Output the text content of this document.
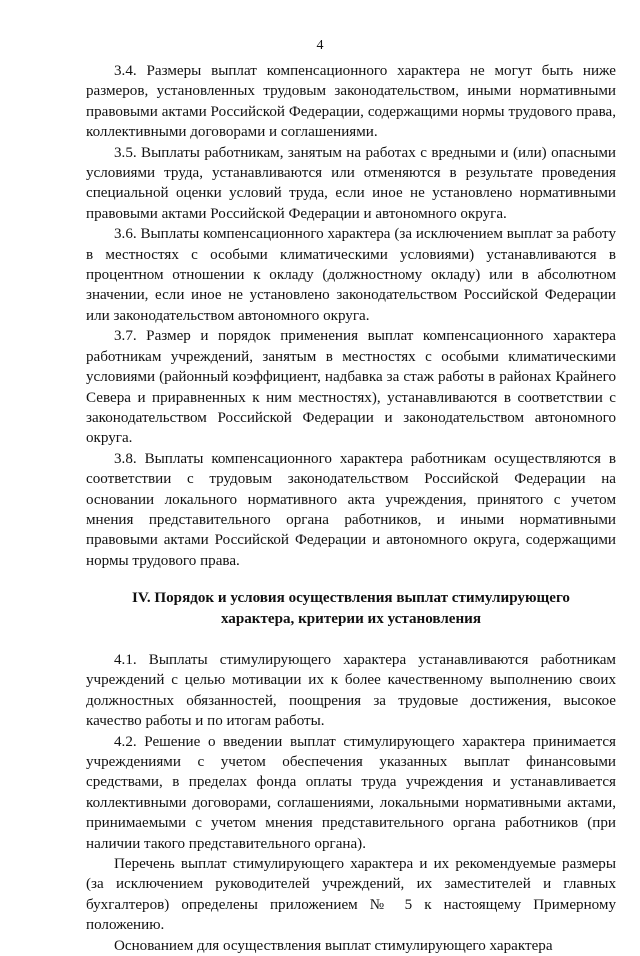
4

3.4. Размеры выплат компенсационного характера не могут быть ниже размеров, установленных трудовым законодательством, иными нормативными правовыми актами Российской Федерации, содержащими нормы трудового права, коллективными договорами и соглашениями.

3.5. Выплаты работникам, занятым на работах с вредными и (или) опасными условиями труда, устанавливаются или отменяются в результате проведения специальной оценки условий труда, если иное не установлено нормативными правовыми актами Российской Федерации и автономного округа.

3.6. Выплаты компенсационного характера (за исключением выплат за работу в местностях с особыми климатическими условиями) устанавливаются в процентном отношении к окладу (должностному окладу) или в абсолютном значении, если иное не установлено законодательством Российской Федерации или законодательством автономного округа.

3.7. Размер и порядок применения выплат компенсационного характера работникам учреждений, занятым в местностях с особыми климатическими условиями (районный коэффициент, надбавка за стаж работы в районах Крайнего Севера и приравненных к ним местностях), устанавливаются в соответствии с законодательством Российской Федерации и законодательством автономного округа.

3.8. Выплаты компенсационного характера работникам осуществляются в соответствии с трудовым законодательством Российской Федерации на основании локального нормативного акта учреждения, принятого с учетом мнения представительного органа работников, и иными нормативными правовыми актами Российской Федерации и автономного округа, содержащими нормы трудового права.

IV. Порядок и условия осуществления выплат стимулирующего
характера, критерии их установления

4.1. Выплаты стимулирующего характера устанавливаются работникам учреждений с целью мотивации их к более качественному выполнению своих должностных обязанностей, поощрения за трудовые достижения, высокое качество работы и по итогам работы.

4.2. Решение о введении выплат стимулирующего характера принимается учреждениями с учетом обеспечения указанных выплат финансовыми средствами, в пределах фонда оплаты труда учреждения и устанавливается коллективными договорами, соглашениями, локальными нормативными актами, принимаемыми с учетом мнения представительного органа работников (при наличии такого представительного органа).

Перечень выплат стимулирующего характера и их рекомендуемые размеры (за исключением руководителей учреждений, их заместителей и главных бухгалтеров) определены приложением № 5 к настоящему Примерному положению.

Основанием для осуществления выплат стимулирующего характера
